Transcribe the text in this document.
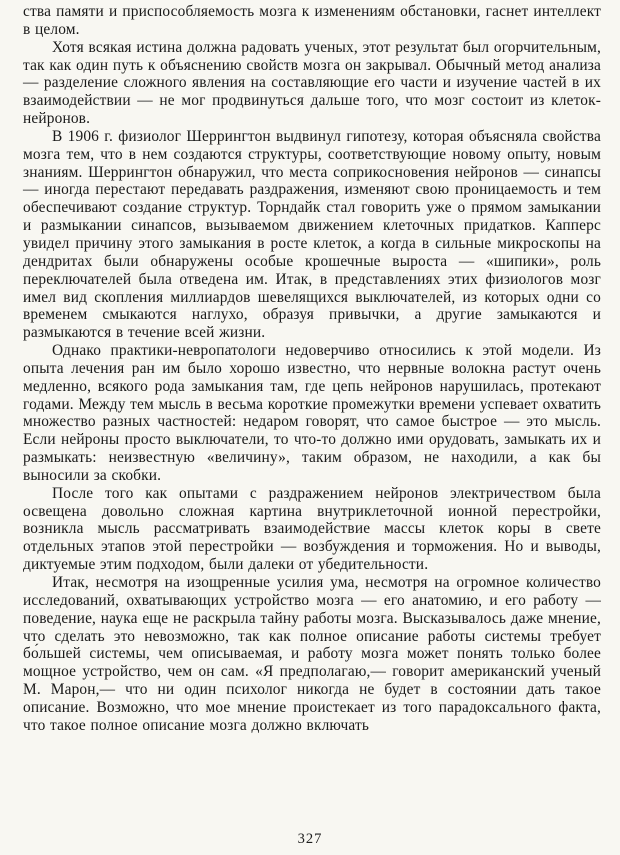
ства памяти и приспособляемость мозга к изменениям обстановки, гаснет интеллект в целом.

Хотя всякая истина должна радовать ученых, этот результат был огорчительным, так как один путь к объяснению свойств мозга он закрывал. Обычный метод анализа — разделение сложного явления на составляющие его части и изучение частей в их взаимодействии — не мог продвинуться дальше того, что мозг состоит из клеток-нейронов.

В 1906 г. физиолог Шеррингтон выдвинул гипотезу, которая объясняла свойства мозга тем, что в нем создаются структуры, соответствующие новому опыту, новым знаниям. Шеррингтон обнаружил, что места соприкосновения нейронов — синапсы — иногда перестают передавать раздражения, изменяют свою проницаемость и тем обеспечивают создание структур. Торндайк стал говорить уже о прямом замыкании и размыкании синапсов, вызываемом движением клеточных придатков. Капперс увидел причину этого замыкания в росте клеток, а когда в сильные микроскопы на дендритах были обнаружены особые крошечные выроста — «шипики», роль переключателей была отведена им. Итак, в представлениях этих физиологов мозг имел вид скопления миллиардов шевелящихся выключателей, из которых одни со временем смыкаются наглухо, образуя привычки, а другие замыкаются и размыкаются в течение всей жизни.

Однако практики-невропатологи недоверчиво относились к этой модели. Из опыта лечения ран им было хорошо известно, что нервные волокна растут очень медленно, всякого рода замыкания там, где цепь нейронов нарушилась, протекают годами. Между тем мысль в весьма короткие промежутки времени успевает охватить множество разных частностей: недаром говорят, что самое быстрое — это мысль. Если нейроны просто выключатели, то что-то должно ими орудовать, замыкать их и размыкать: неизвестную «величину», таким образом, не находили, а как бы выносили за скобки.

После того как опытами с раздражением нейронов электричеством была освещена довольно сложная картина внутриклеточной ионной перестройки, возникла мысль рассматривать взаимодействие массы клеток коры в свете отдельных этапов этой перестройки — возбуждения и торможения. Но и выводы, диктуемые этим подходом, были далеки от убедительности.

Итак, несмотря на изощренные усилия ума, несмотря на огромное количество исследований, охватывающих устройство мозга — его анатомию, и его работу — поведение, наука еще не раскрыла тайну работы мозга. Высказывалось даже мнение, что сделать это невозможно, так как полное описание работы системы требует бо́льшей системы, чем описываемая, и работу мозга может понять только более мощное устройство, чем он сам. «Я предполагаю,— говорит американский ученый М. Марон,— что ни один психолог никогда не будет в состоянии дать такое описание. Возможно, что мое мнение проистекает из того парадоксального факта, что такое полное описание мозга должно включать

327
